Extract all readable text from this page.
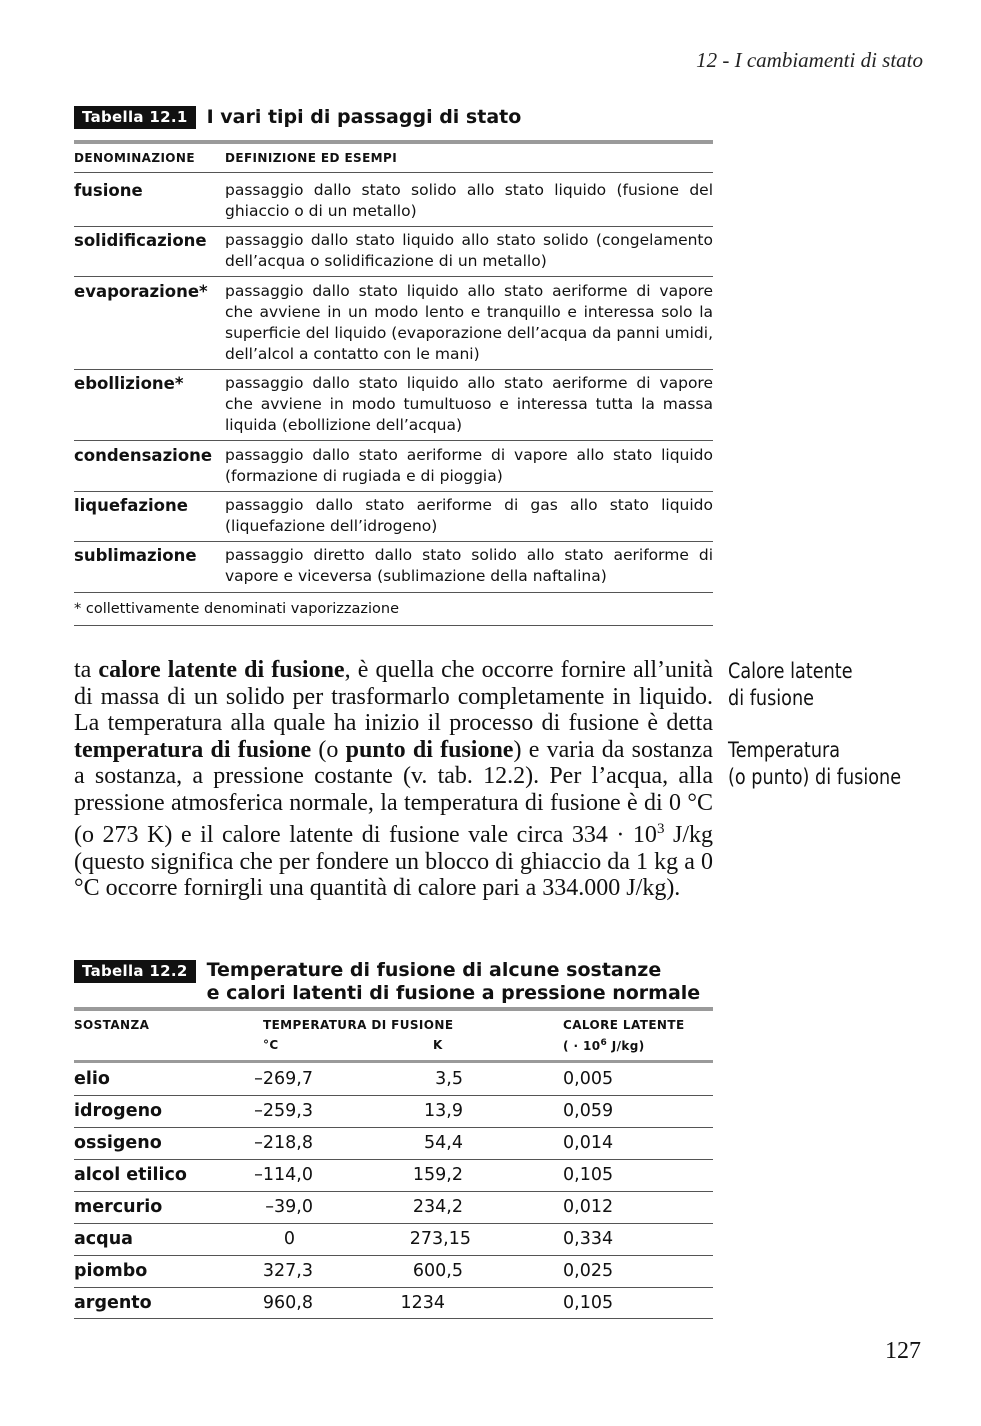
12 - I cambiamenti di stato
Tabella 12.1	I vari tipi di passaggi di stato
DENOMINAZIONE	DEFINIZIONE ED ESEMPI
fusione	passaggio dallo stato solido allo stato liquido (fusione del ghiaccio o di un metallo)
solidificazione passaggio dallo stato liquido allo stato solido (congelamento dell’acqua o solidificazione di un metallo)
evaporazione* passaggio dallo stato liquido allo stato aeriforme di vapore che avviene in un modo lento e tranquillo e interessa solo la superficie del liquido (evaporazione dell’acqua da panni umidi, dell’alcol a contatto con le mani)
ebollizione*	passaggio dallo stato liquido allo stato aeriforme di vapore che avviene in modo tumultuoso e interessa tutta la massa liquida (ebollizione dell’acqua)
condensazione passaggio dallo stato aeriforme di vapore allo stato liquido (formazione di rugiada e di pioggia)
liquefazione passaggio dallo stato aeriforme di gas allo stato liquido (liquefazione dell’idrogeno)
sublimazione passaggio diretto dallo stato solido allo stato aeriforme di vapore e viceversa (sublimazione della naftalina)
* collettivamente denominati vaporizzazione
ta calore latente di fusione, è quella che occorre fornire all’unità di massa di un solido per trasformarlo completamente in liquido. La temperatura alla quale ha inizio il processo di fusione è detta temperatura di fusione (o punto di fusione) e varia da sostanza a sostanza, a pressione costante (v. tab. 12.2). Per l’acqua, alla pressione atmosferica normale, la temperatura di fusione è di 0 °C (o 273 K) e il calore latente di fusione vale circa $334 \cdot 10^3$ J/kg (questo significa che per fondere un blocco di ghiaccio da 1 kg a 0 °C occorre fornirgli una quantità di calore pari a 334.000 J/kg).
Calore latente
di fusione
Temperatura
(o punto) di fusione
Tabella 12.2	Temperature di fusione di alcune sostanze
e calori latenti di fusione a pressione normale
SOSTANZA	TEMPERATURA DI FUSIONE
°C	K
CALORE LATENTE
( · $10^6$ J/kg)
elio	–269,7	3,5	0,005
idrogeno	–259,3	13,9	0,059
ossigeno	–218,8	54,4	0,014
alcol etilico	–114,0	159,2	0,105
mercurio	–39,0	234,2	0,012
acqua	0	273,15	0,334
piombo	327,3	600,5	0,025
argento	960,8	1234	0,105
127
